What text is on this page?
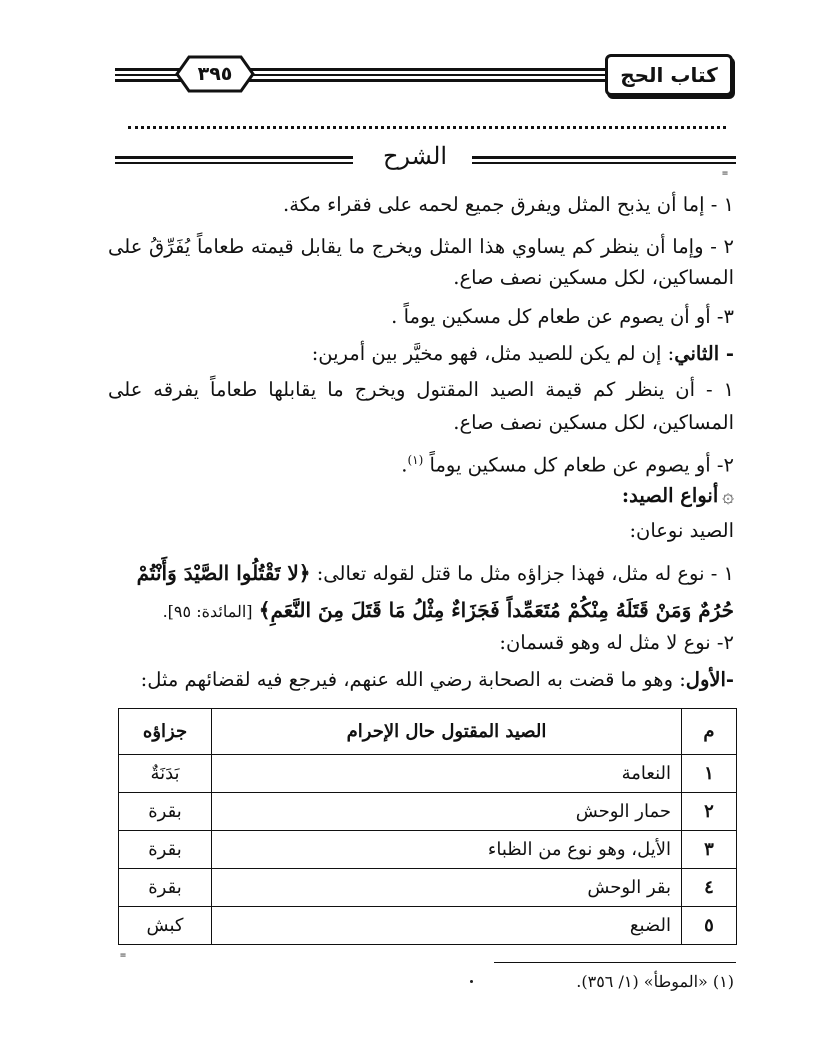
٣٩٥	كتاب الحج
الشرح
=
١ - إما أن يذبح المثل ويفرق جميع لحمه على فقراء مكة.
٢ - وإما أن ينظر كم يساوي هذا المثل ويخرج ما يقابل قيمته طعاماً يُفَرِّقُ على
المساكين، لكل مسكين نصف صاع.
٣- أو أن يصوم عن طعام كل مسكين يوماً .
- الثاني: إن لم يكن للصيد مثل، فهو مخيَّر بين أمرين:
١ - أن ينظر كم قيمة الصيد المقتول ويخرج ما يقابلها طعاماً يفرقه على
المساكين، لكل مسكين نصف صاع.
٢- أو يصوم عن طعام كل مسكين يوماً $^{(١)}$.
۞أنواع الصيد:
الصيد نوعان:
١ - نوع له مثل، فهذا جزاؤه مثل ما قتل لقوله تعالى: ﴿لا تَقْتُلُوا الصَّيْدَ وَأَنْتُمْ
حُرُمٌ وَمَنْ قَتَلَهُ مِنْكُمْ مُتَعَمِّداً فَجَزَاءٌ مِثْلُ مَا قَتَلَ مِنَ النَّعَمِ﴾ [المائدة: ٩٥].
٢- نوع لا مثل له وهو قسمان:
-الأول: وهو ما قضت به الصحابة رضي الله عنهم، فيرجع فيه لقضائهم مثل:
م	الصيد المقتول حال الإحرام	جزاؤه
١	النعامة	بَدَنَةٌ
٢	حمار الوحش	بقرة
٣	الأيل، وهو نوع من الظباء	بقرة
٤	بقر الوحش	بقرة
٥	الضبع	كبش
=
(١) «الموطأ» (١/ ٣٥٦).
